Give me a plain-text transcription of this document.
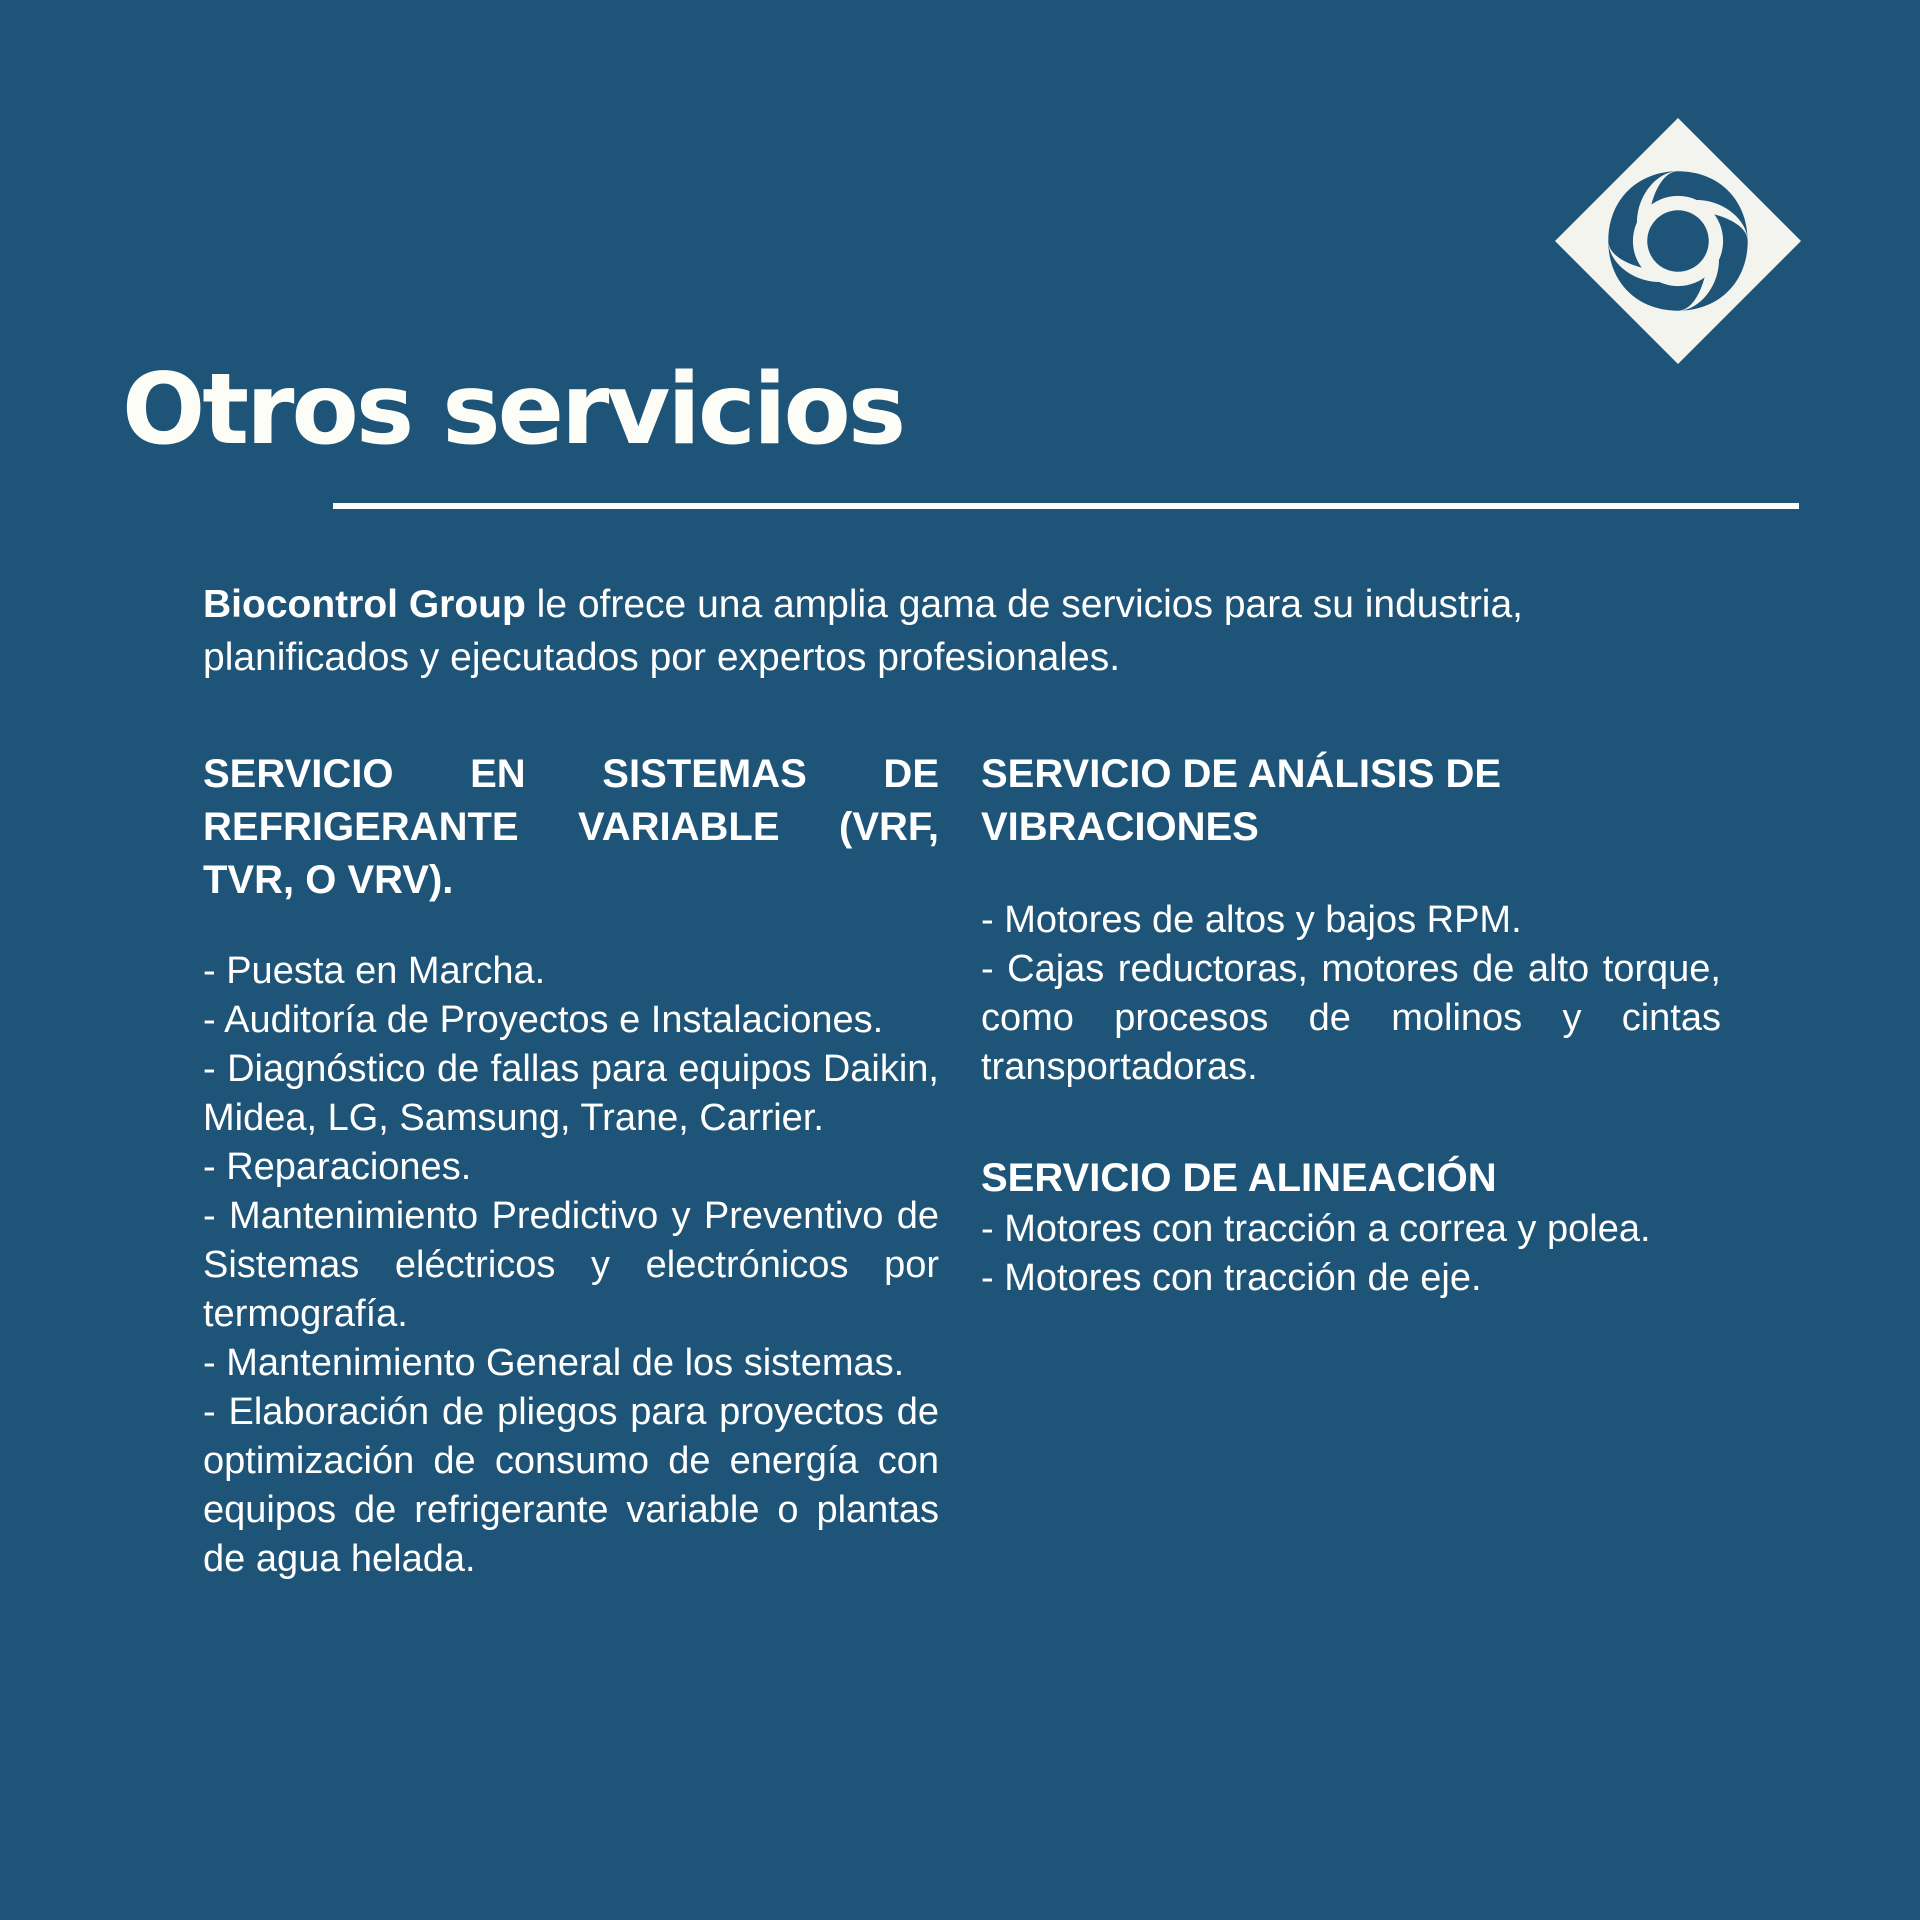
Otros servicios

Biocontrol Group le ofrece una amplia gama de servicios para su industria, planificados y ejecutados por expertos profesionales.

SERVICIO EN SISTEMAS DE REFRIGERANTE VARIABLE (VRF, TVR, O VRV).
- Puesta en Marcha.
- Auditoría de Proyectos e Instalaciones.
- Diagnóstico de fallas para equipos Daikin, Midea, LG, Samsung, Trane, Carrier.
- Reparaciones.
- Mantenimiento Predictivo y Preventivo de Sistemas eléctricos y electrónicos por termografía.
- Mantenimiento General de los sistemas.
- Elaboración de pliegos para proyectos de optimización de consumo de energía con equipos de refrigerante variable o plantas de agua helada.
SERVICIO DE ANÁLISIS DE VIBRACIONES
- Motores de altos y bajos RPM.
- Cajas reductoras, motores de alto torque, como procesos de molinos y cintas transportadoras.
SERVICIO DE ALINEACIÓN
- Motores con tracción a correa y polea.
- Motores con tracción de eje.
